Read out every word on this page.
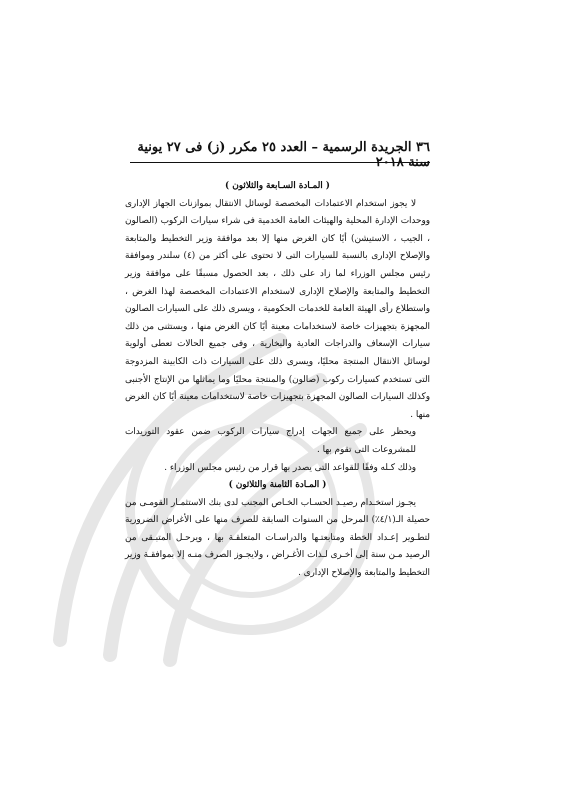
٣٦ الجريدة الرسمية – العدد ٢٥ مكرر (ز) فى ٢٧ يونية سنة ٢٠١٨

( المـادة السـابعة والثلاثون )

لا يجوز استخدام الاعتمادات المخصصة لوسائل الانتقال بموازنات الجهاز الإدارى ووحدات الإدارة المحلية والهيئات العامة الخدمية فى شراء سيارات الركوب (الصالون ، الجيب ، الاستيشن) أيًا كان الغرض منها إلا بعد موافقة وزير التخطيط والمتابعة والإصلاح الإدارى بالنسبة للسيارات التى لا تحتوى على أكثر من (٤) سلندر وموافقة رئيس مجلس الوزراء لما زاد على ذلك ، بعد الحصول مسبقًا على موافقة وزير التخطيط والمتابعة والإصلاح الإدارى لاستخدام الاعتمادات المخصصة لهذا الغرض ، واستطلاع رأى الهيئة العامة للخدمات الحكومية ، ويسرى ذلك على السيارات الصالون المجهزة بتجهيزات خاصة لاستخدامات معينة أيًا كان الغرض منها ، ويستثنى من ذلك سيارات الإسعاف والدراجات العادية والبخارية ، وفى جميع الحالات تعطى أولوية لوسائل الانتقال المنتجة محليًا، ويسرى ذلك على السيارات ذات الكابينة المزدوجة التى تستخدم كسيارات ركوب (صالون) والمنتجة محليًا وما يماثلها من الإنتاج الأجنبى وكذلك السيارات الصالون المجهزة بتجهيزات خاصة لاستخدامات معينة أيًا كان الغرض منها .

ويحظر على جميع الجهات إدراج سيارات الركوب ضمن عقود التوريدات للمشروعات التى تقوم بها .

وذلك كـله وفقًا للقواعد التى يصدر بها قرار من رئيس مجلس الوزراء .

( المـادة الثامنة والثلاثون )

يجـوز استخـدام رصيـد الحسـاب الخـاص المجنب لدى بنك الاستثمـار القومـى من حصيلة الـ(٤/١٪) المرحل من السنوات السابقة للصرف منها على الأغراض الضرورية لتطـوير إعـداد الخطة ومتابعتـها والدراسـات المتعلقـة بها ، ويرحـل المتبـقى من الرصيد مـن سنة إلى أخـرى لـذات الأغـراض ، ولايجـوز الصرف منـه إلا بموافقـة وزير التخطيط والمتابعة والإصلاح الإدارى .
